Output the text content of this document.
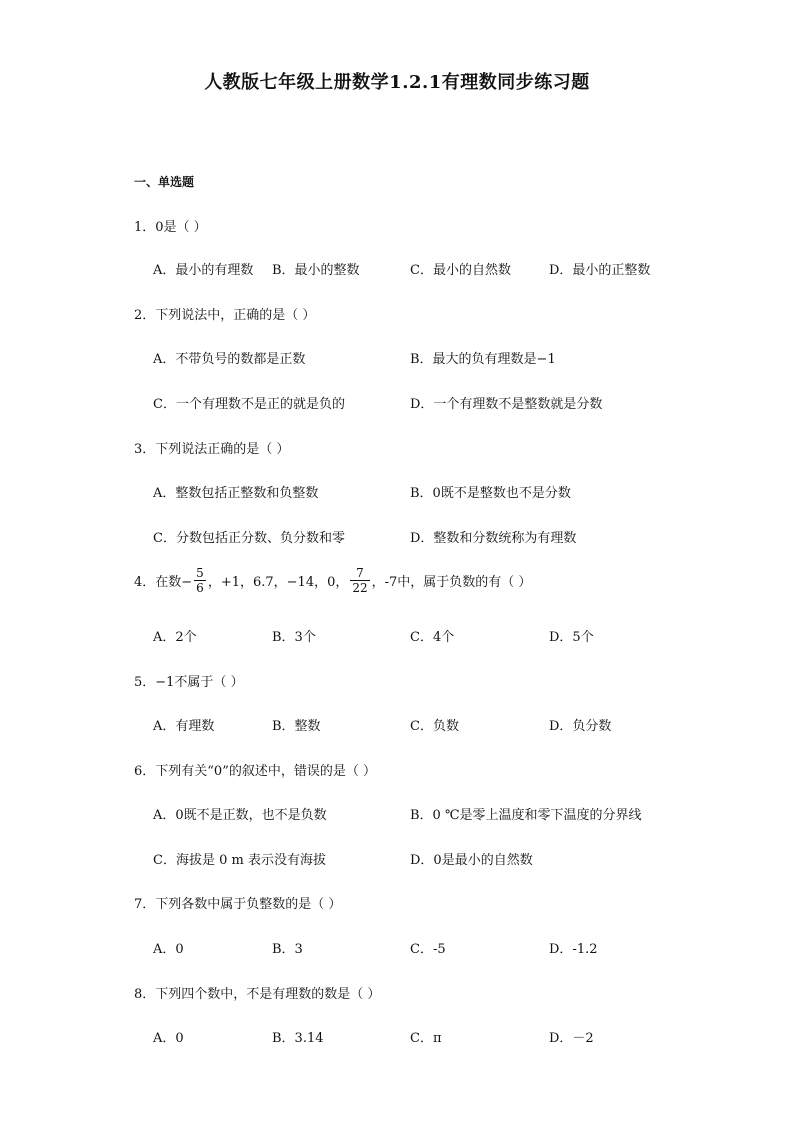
人教版七年级上册数学1.2.1有理数同步练习题
一、单选题
1．0是（ ）
A．最小的有理数 B．最小的整数	C．最小的自然数	D．最小的正整数
2．下列说法中，正确的是（ ）
A．不带负号的数都是正数	B．最大的负有理数是−1
C．一个有理数不是正的就是负的	D．一个有理数不是整数就是分数
3．下列说法正确的是（ ）
A．整数包括正整数和负整数	B．0既不是整数也不是分数
C．分数包括正分数、负分数和零	D．整数和分数统称为有理数
4．在数− $\frac{5}{6}$ ，+1，6.7，−14，0， $\frac{7}{22}$ ，-7中，属于负数的有（ ）
A．2个	B．3个	C．4个	D．5个
5．−1不属于（ ）
A．有理数	B．整数	C．负数	D．负分数
6．下列有关“0”的叙述中，错误的是（ ）
A．0既不是正数，也不是负数	B．0 ℃是零上温度和零下温度的分界线
C．海拔是 0 m 表示没有海拔	D．0是最小的自然数
7．下列各数中属于负整数的是（ ）
A．0	B．3	C．-5	D．-1.2
8．下列四个数中，不是有理数的数是（ ）
A．0	B．3.14	C．π	D．－2
